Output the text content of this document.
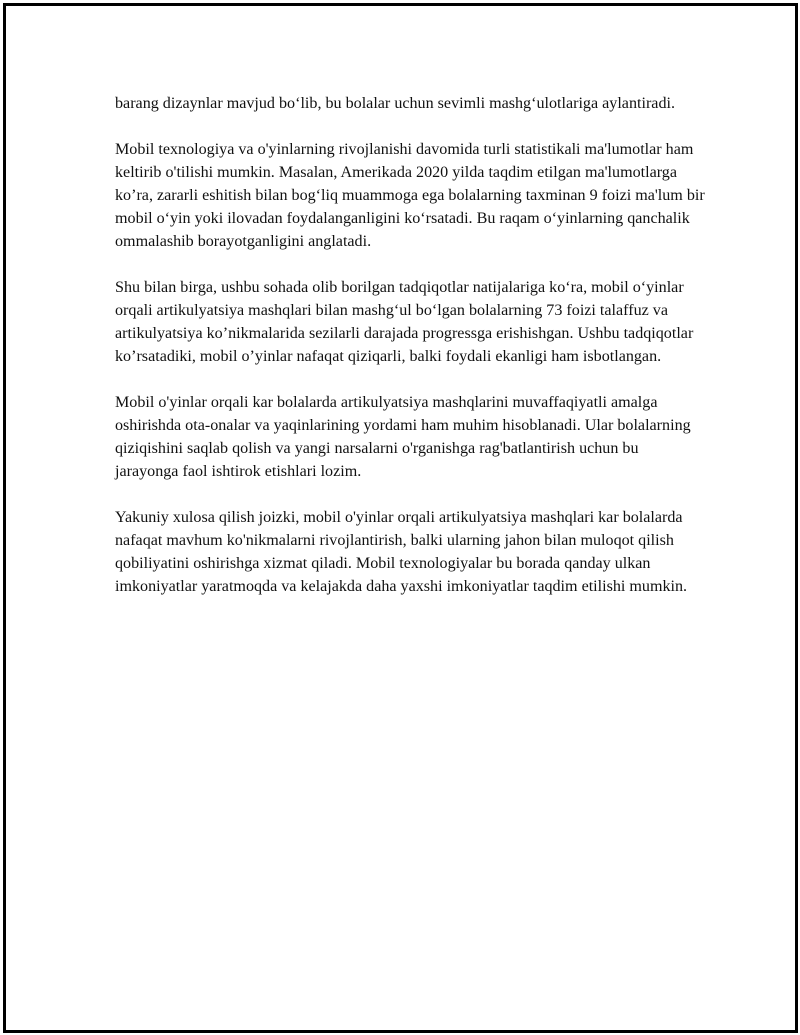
barang dizaynlar mavjud bo‘lib, bu bolalar uchun sevimli mashg‘ulotlariga aylantiradi.

Mobil texnologiya va o'yinlarning rivojlanishi davomida turli statistikali ma'lumotlar ham keltirib o'tilishi mumkin. Masalan, Amerikada 2020 yilda taqdim etilgan ma'lumotlarga ko’ra, zararli eshitish bilan bog‘liq muammoga ega bolalarning taxminan 9 foizi ma'lum bir mobil o‘yin yoki ilovadan foydalanganligini ko‘rsatadi. Bu raqam o‘yinlarning qanchalik ommalashib borayotganligini anglatadi.

Shu bilan birga, ushbu sohada olib borilgan tadqiqotlar natijalariga ko‘ra, mobil o‘yinlar orqali artikulyatsiya mashqlari bilan mashg‘ul bo‘lgan bolalarning 73 foizi talaffuz va artikulyatsiya ko’nikmalarida sezilarli darajada progressga erishishgan. Ushbu tadqiqotlar ko’rsatadiki, mobil o’yinlar nafaqat qiziqarli, balki foydali ekanligi ham isbotlangan.

Mobil o'yinlar orqali kar bolalarda artikulyatsiya mashqlarini muvaffaqiyatli amalga oshirishda ota-onalar va yaqinlarining yordami ham muhim hisoblanadi. Ular bolalarning qiziqishini saqlab qolish va yangi narsalarni o'rganishga rag'batlantirish uchun bu jarayonga faol ishtirok etishlari lozim.

Yakuniy xulosa qilish joizki, mobil o'yinlar orqali artikulyatsiya mashqlari kar bolalarda nafaqat mavhum ko'nikmalarni rivojlantirish, balki ularning jahon bilan muloqot qilish qobiliyatini oshirishga xizmat qiladi. Mobil texnologiyalar bu borada qanday ulkan imkoniyatlar yaratmoqda va kelajakda daha yaxshi imkoniyatlar taqdim etilishi mumkin.
